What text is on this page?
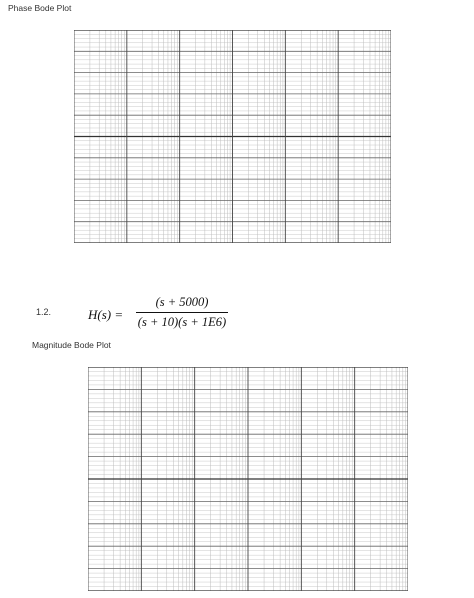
Phase Bode Plot
1.2.	H(s) =
(s + 5000)
(s + 10)(s + 1E6)
Magnitude Bode Plot
